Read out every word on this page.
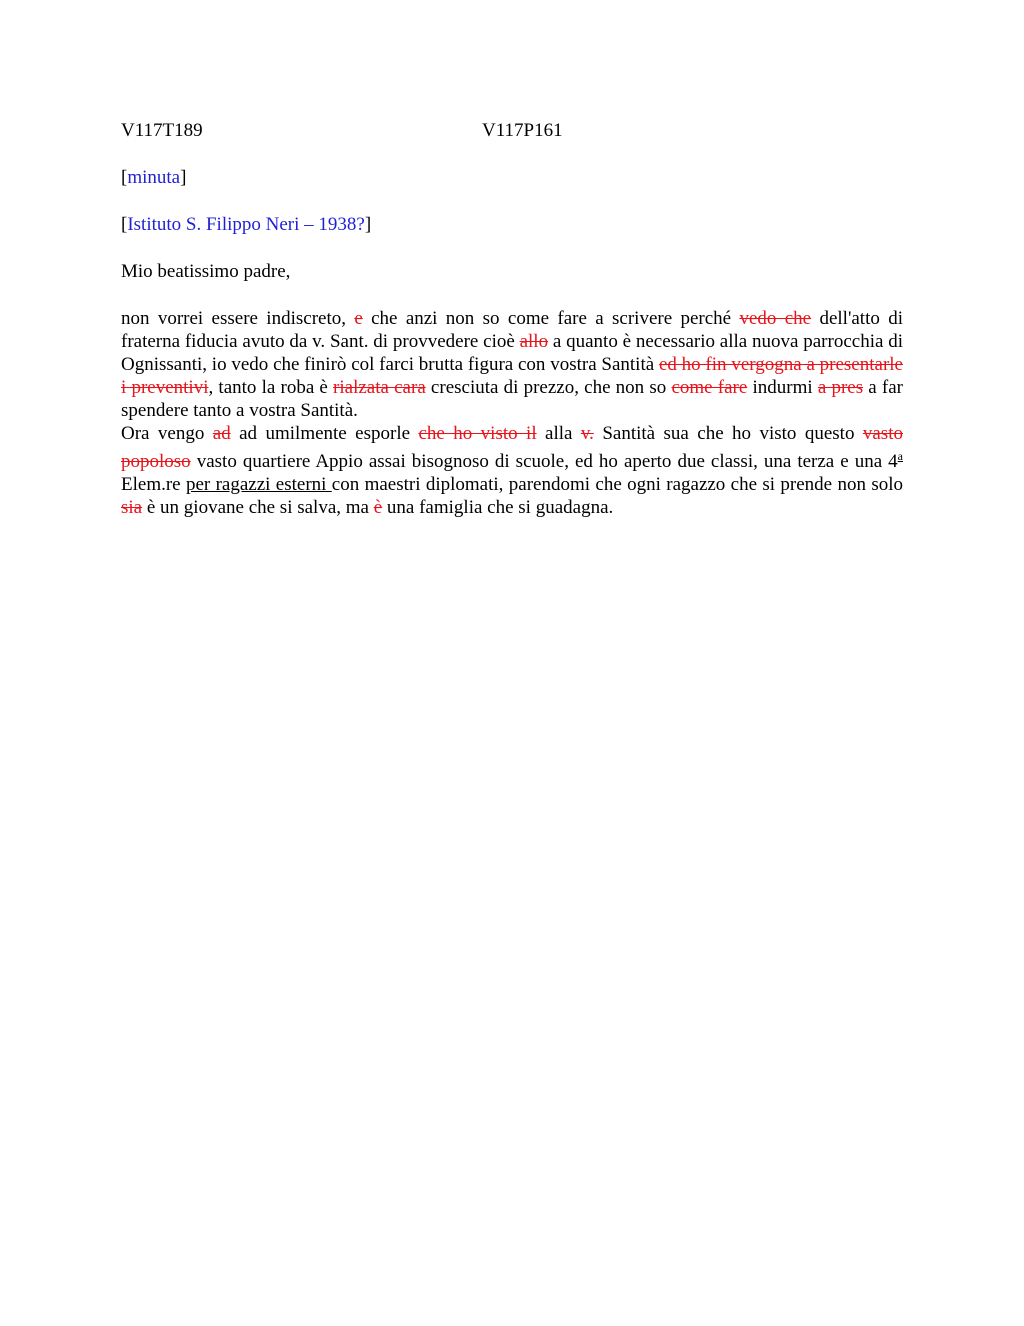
V117T189	V117P161

[minuta]

[Istituto S. Filippo Neri – 1938?]

Mio beatissimo padre,

non vorrei essere indiscreto, e che anzi non so come fare a scrivere perché vedo che dell'atto di fraterna fiducia avuto da v. Sant. di provvedere cioè allo a quanto è necessario alla nuova parrocchia di Ognissanti, io vedo che finirò col farci brutta figura con vostra Santità ed ho fin vergogna a presentarle i preventivi, tanto la roba è rialzata cara cresciuta di prezzo, che non so come fare indurmi a pres a far spendere tanto a vostra Santità.

Ora vengo ad ad umilmente esporle che ho visto il alla v. Santità sua che ho visto questo vasto popoloso vasto quartiere Appio assai bisognoso di scuole, ed ho aperto due classi, una terza e una 4$^a$ Elem.re per ragazzi esterni con maestri diplomati, parendomi che ogni ragazzo che si prende non solo sia è un giovane che si salva, ma è una famiglia che si guadagna.
